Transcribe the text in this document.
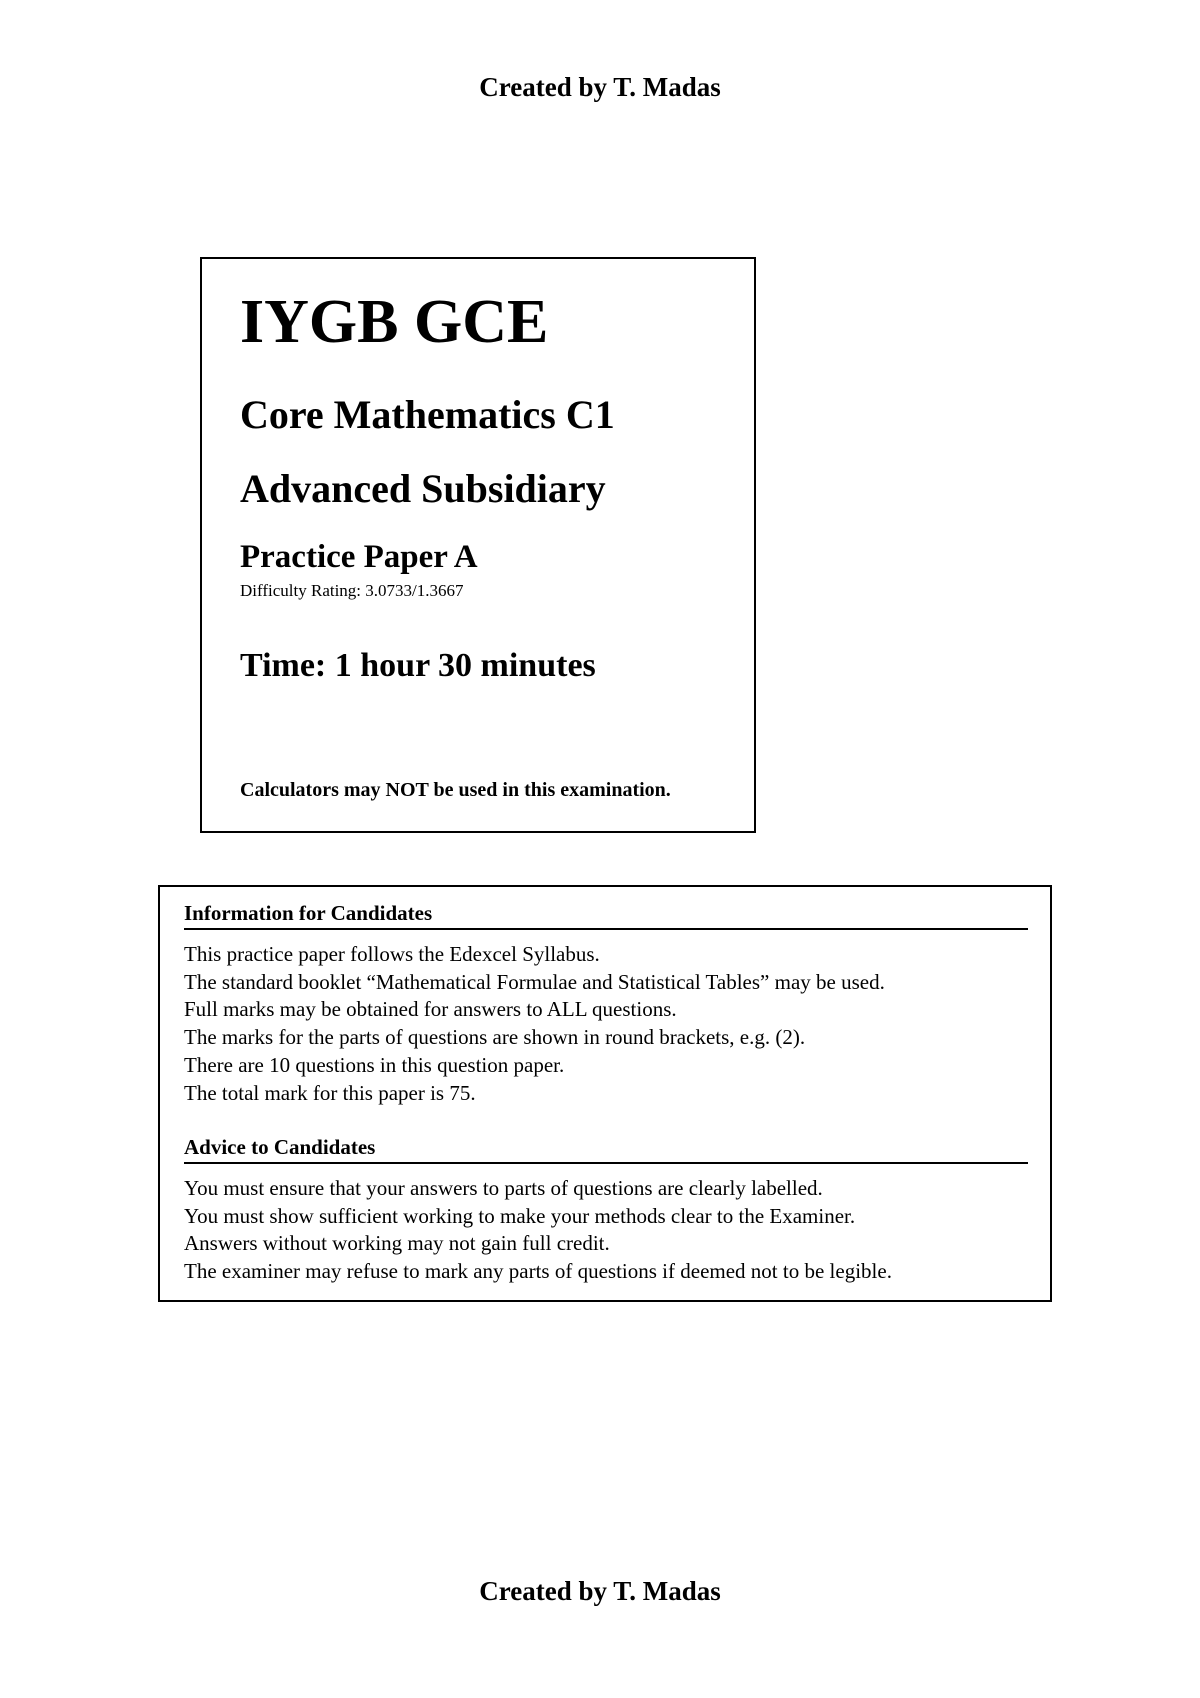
Created by T. Madas
IYGB GCE
Core Mathematics C1
Advanced Subsidiary
Practice Paper A
Difficulty Rating: 3.0733/1.3667
Time: 1 hour 30 minutes
Calculators may NOT be used in this examination.
Information for Candidates
This practice paper follows the Edexcel Syllabus.
The standard booklet “Mathematical Formulae and Statistical Tables” may be used.
Full marks may be obtained for answers to ALL questions.
The marks for the parts of questions are shown in round brackets, e.g. (2).
There are 10 questions in this question paper.
The total mark for this paper is 75.
Advice to Candidates
You must ensure that your answers to parts of questions are clearly labelled.
You must show sufficient working to make your methods clear to the Examiner.
Answers without working may not gain full credit.
The examiner may refuse to mark any parts of questions if deemed not to be legible.
Created by T. Madas
